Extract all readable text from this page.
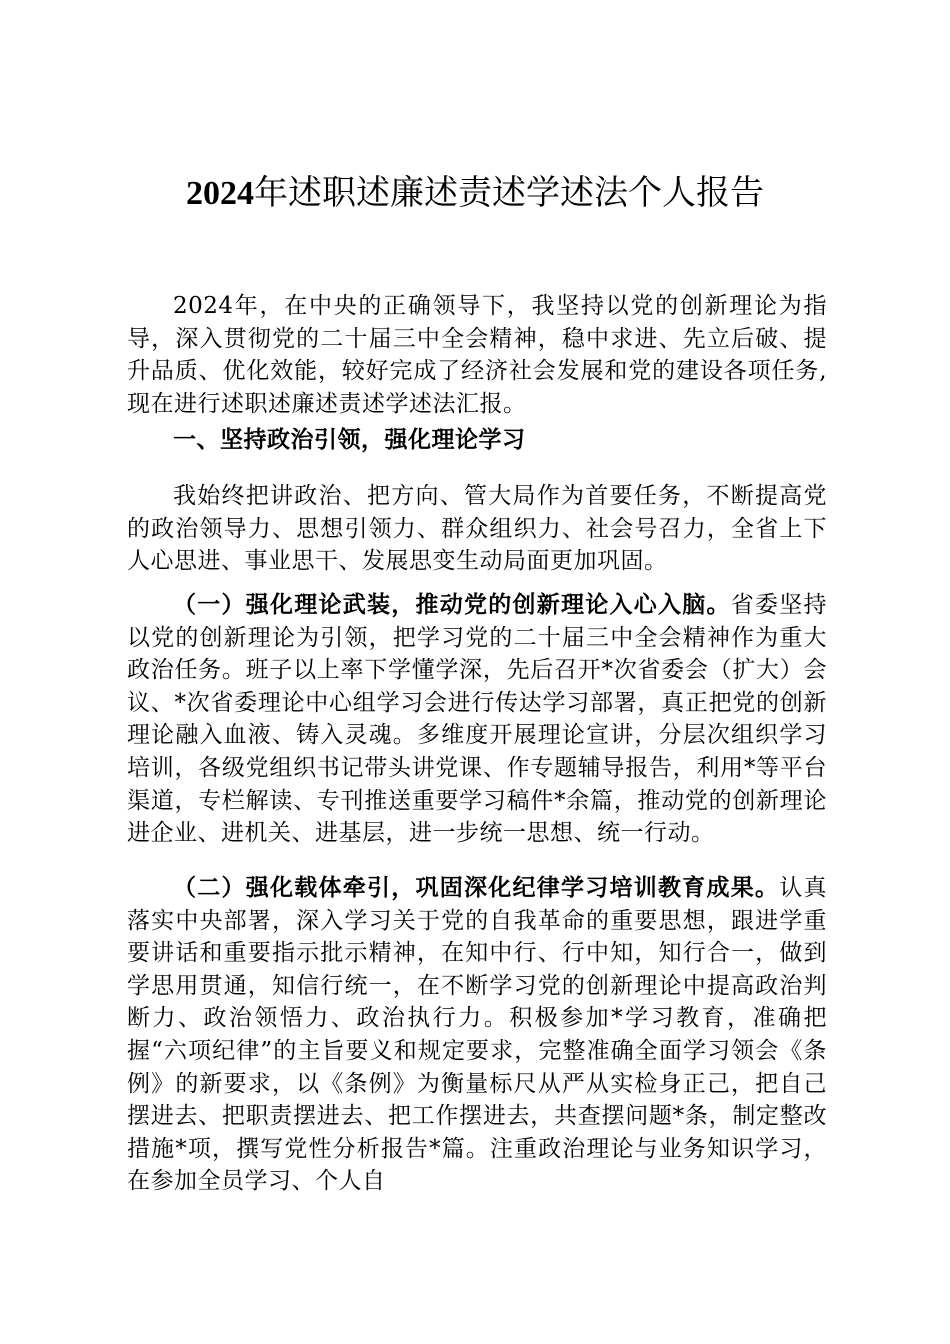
2024年述职述廉述责述学述法个人报告

2024年，在中央的正确领导下，我坚持以党的创新理论为指导，深入贯彻党的二十届三中全会精神，稳中求进、先立后破、提升品质、优化效能，较好完成了经济社会发展和党的建设各项任务,现在进行述职述廉述责述学述法汇报。

一、坚持政治引领，强化理论学习

我始终把讲政治、把方向、管大局作为首要任务，不断提高党的政治领导力、思想引领力、群众组织力、社会号召力，全省上下人心思进、事业思干、发展思变生动局面更加巩固。

（一）强化理论武装，推动党的创新理论入心入脑。省委坚持以党的创新理论为引领，把学习党的二十届三中全会精神作为重大政治任务。班子以上率下学懂学深，先后召开*次省委会（扩大）会议、*次省委理论中心组学习会进行传达学习部署，真正把党的创新理论融入血液、铸入灵魂。多维度开展理论宣讲，分层次组织学习培训，各级党组织书记带头讲党课、作专题辅导报告，利用*等平台渠道，专栏解读、专刊推送重要学习稿件*余篇，推动党的创新理论进企业、进机关、进基层，进一步统一思想、统一行动。

（二）强化载体牵引，巩固深化纪律学习培训教育成果。认真落实中央部署，深入学习关于党的自我革命的重要思想，跟进学重要讲话和重要指示批示精神，在知中行、行中知，知行合一，做到学思用贯通，知信行统一，在不断学习党的创新理论中提高政治判断力、政治领悟力、政治执行力。积极参加*学习教育，准确把握“六项纪律”的主旨要义和规定要求，完整准确全面学习领会《条例》的新要求，以《条例》为衡量标尺从严从实检身正己，把自己摆进去、把职责摆进去、把工作摆进去，共查摆问题*条，制定整改措施*项，撰写党性分析报告*篇。注重政治理论与业务知识学习，在参加全员学习、个人自
